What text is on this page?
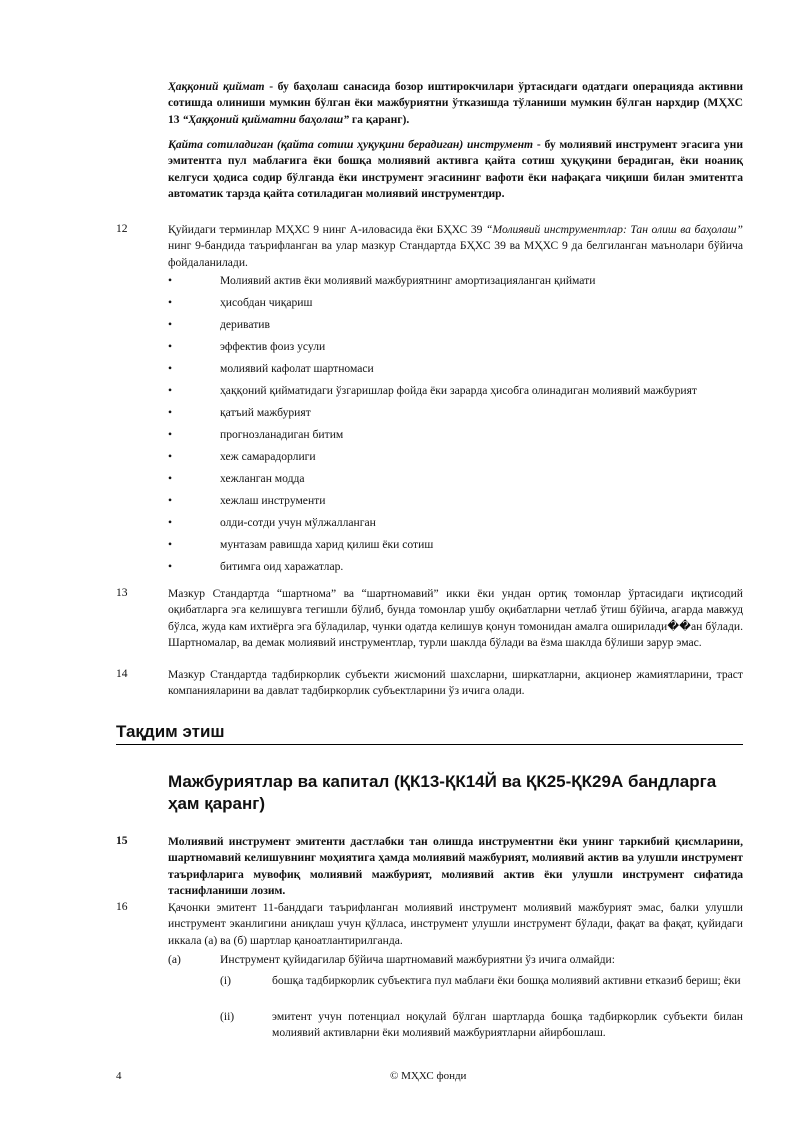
Ҳаққоний қиймат - бу баҳолаш санасида бозор иштирокчилари ўртасидаги одатдаги операцияда активни сотишда олиниши мумкин бўлган ёки мажбуриятни ўтказишда тўланиши мумкин бўлган нархдир (МҲХС 13 “Ҳаққоний қийматни баҳолаш” га қаранг).
Қайта сотиладиган (қайта сотиш ҳуқуқини берадиган) инструмент - бу молиявий инструмент эгасига уни эмитентга пул маблағига ёки бошқа молиявий активга қайта сотиш ҳуқуқини берадиган, ёки ноаниқ келгуси ҳодиса содир бўлганда ёки инструмент эгасининг вафоти ёки нафақага чиқиши билан эмитентга автоматик тарзда қайта сотиладиган молиявий инструментдир.
12	Қуйидаги терминлар МҲХС 9 нинг А-иловасида ёки БҲХС 39 “Молиявий инструментлар: Тан олиш ва баҳолаш” нинг 9-бандида таърифланган ва улар мазкур Стандартда БҲХС 39 ва МҲХС 9 да белгиланган маънолари бўйича фойдаланилади.
•	Молиявий актив ёки молиявий мажбуриятнинг амортизацияланган қиймати
•	ҳисобдан чиқариш
•	дериватив
•	эффектив фоиз усули
•	молиявий кафолат шартномаси
•	ҳаққоний қийматидаги ўзгаришлар фойда ёки зарарда ҳисобга олинадиган молиявий мажбурият
•	қатъий мажбурият
•	прогнозланадиган битим
•	хеж самарадорлиги
•	хежланган модда
•	хежлаш инструменти
•	олди-сотди учун мўлжалланган
•	мунтазам равишда харид қилиш ёки сотиш
•	битимга оид харажатлар.
13	Мазкур Стандартда “шартнома” ва “шартномавий” икки ёки ундан ортиқ томонлар ўртасидаги иқтисодий оқибатларга эга келишувга тегишли бўлиб, бунда томонлар ушбу оқибатларни четлаб ўтиш бўйича, агарда мавжуд бўлса, жуда кам ихтиёрга эга бўладилар, чунки одатда келишув қонун томонидан амалга оширилади��ан бўлади. Шартномалар, ва демак молиявий инструментлар, турли шаклда бўлади ва ёзма шаклда бўлиши зарур эмас.
14	Мазкур Стандартда тадбиркорлик субъекти жисмоний шахсларни, ширкатларни, акционер жамиятларини, траст компанияларини ва давлат тадбиркорлик субъектларини ўз ичига олади.
Тақдим этиш
Мажбуриятлар ва капитал (ҚК13-ҚК14Й ва ҚК25-ҚК29А бандларга ҳам қаранг)
15	Молиявий инструмент эмитенти дастлабки тан олишда инструментни ёки унинг таркибий қисмларини, шартномавий келишувнинг моҳиятига ҳамда молиявий мажбурият, молиявий актив ва улушли инструмент таърифларига мувофиқ молиявий мажбурият, молиявий актив ёки улушли инструмент сифатида таснифланиши лозим.
16	Қачонки эмитент 11-банддаги таърифланган молиявий инструмент молиявий мажбурият эмас, балки улушли инструмент эканлигини аниқлаш учун қўлласа, инструмент улушли инструмент бўлади, фақат ва фақат, қуйидаги иккала (а) ва (б) шартлар қаноатлантирилганда.
(а)	Инструмент қуйидагилар бўйича шартномавий мажбуриятни ўз ичига олмайди:
(i)	бошқа тадбиркорлик субъектига пул маблағи ёки бошқа молиявий активни етказиб бериш; ёки
(ii)	эмитент учун потенциал ноқулай бўлган шартларда бошқа тадбиркорлик субъекти билан молиявий активларни ёки молиявий мажбуриятларни айирбошлаш.
4	© МҲХС фонди
